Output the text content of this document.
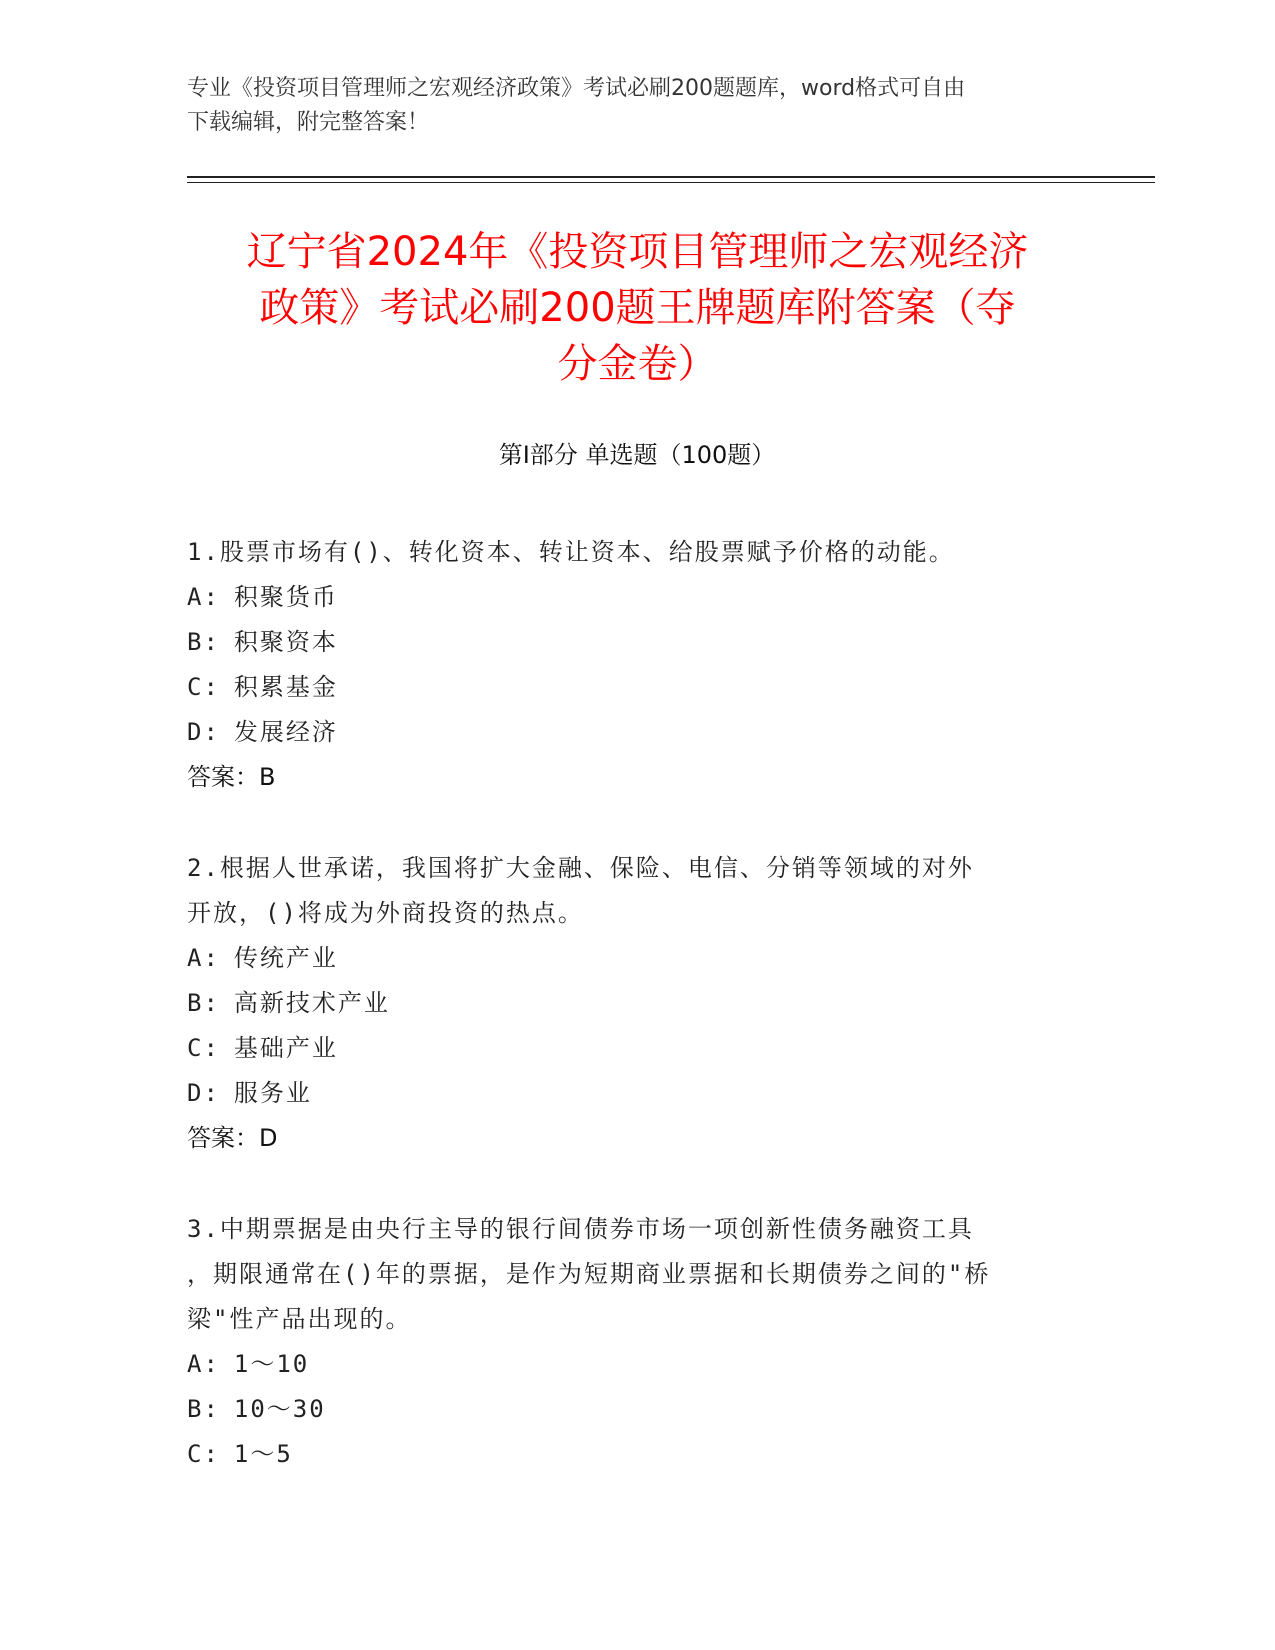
专业《投资项目管理师之宏观经济政策》考试必刷200题题库，word格式可自由
下载编辑，附完整答案！
辽宁省2024年《投资项目管理师之宏观经济
政策》考试必刷200题王牌题库附答案（夺
分金卷）
第Ⅰ部分 单选题（100题）
1.股票市场有()、转化资本、转让资本、给股票赋予价格的动能。
A: 积聚货币
B: 积聚资本
C: 积累基金
D: 发展经济
答案：B
2.根据人世承诺，我国将扩大金融、保险、电信、分销等领域的对外
开放，()将成为外商投资的热点。
A: 传统产业
B: 高新技术产业
C: 基础产业
D: 服务业
答案：D
3.中期票据是由央行主导的银行间债券市场一项创新性债务融资工具
，期限通常在()年的票据，是作为短期商业票据和长期债券之间的"桥
梁"性产品出现的。
A: 1～10
B: 10～30
C: 1～5
